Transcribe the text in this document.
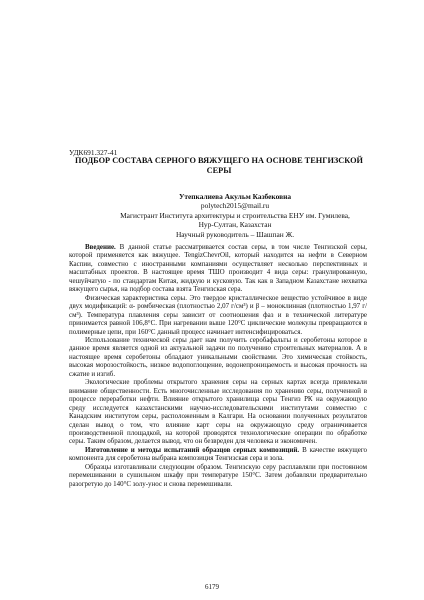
УДК691.327-41
ПОДБОР СОСТАВА СЕРНОГО ВЯЖУЩЕГО НА ОСНОВЕ ТЕНГИЗСКОЙ СЕРЫ
Утепкалиева Акульм Казбековна
polytech2015@mail.ru
Магистрант Института архитектуры и строительства ЕНУ им. Гумилева,
Нур-Султан, Казахстан
Научный руководитель – Шашпан Ж.

Введение. В данной статье рассматривается состав серы, в том числе Тенгизской серы, которой применяется как вяжущее. TengizChevrOil, который находится на нефти в Северном Каспии, совместно с иностранными компаниями осуществляет несколько перспективных и масштабных проектов. В настоящее время ТШО производит 4 вида серы: гранулированную, чешуйчатую - по стандартам Китая, жидкую и кусковую. Так как в Западном Казахстане нехватка вяжущего сырья, на подбор состава взята Тенгизская сера.

Физическая характеристика серы. Это твердое кристаллическое вещество устойчивое в виде двух модификаций: α- ромбическая (плотностью 2,07 г/см³) и β – моноклинная (плотностью 1,97 г/см³). Температура плавления серы зависит от соотношения фаз и в технической литературе принимается равной 106,8°С. При нагревании выше 120°С циклические молекулы превращаются в полимерные цепи, при 160°С данный процесс начинает интенсифицироваться.

Использование технической серы дает нам получить серобафальты и серобетоны которое в данное время является одной из актуальной задачи по получению строительных материалов. А в настоящее время серобетоны обладают уникальными свойствами. Это химическая стойкость, высокая морозостойкость, низкое водопоглощение, водонепроницаемость и высокая прочность на сжатие и изгиб.

Экологические проблемы открытого хранения серы на серных картах всегда привлекали внимание общественности. Есть многочисленные исследования по хранению серы, полученной в процессе переработки нефти. Влияние открытого хранилища серы Тенгиз РК на окружающую среду исследуется казахстанскими научно-исследовательскими институтами совместно с Канадским институтом серы, расположенным в Калгари. На основании полученных результатов сделан вывод о том, что влияние карт серы на окружающую среду ограничивается производственной площадкой, на которой проводятся технологические операции по обработке серы. Таким образом, делается вывод, что он безвреден для человека и экономичен.

Изготовление и методы испытаний образцов серных композиций. В качестве вяжущего компонента для серобетона выбрана композиция Тенгизская сера и зола.

Образцы изготавливали следующим образом. Тенгизскую серу расплавляли при постоянном перемешивании в сушильном шкафу при температуре 150°С. Затем добавляли предварительно разогретую до 140°С золу-унос и снова перемешивали.

6179
